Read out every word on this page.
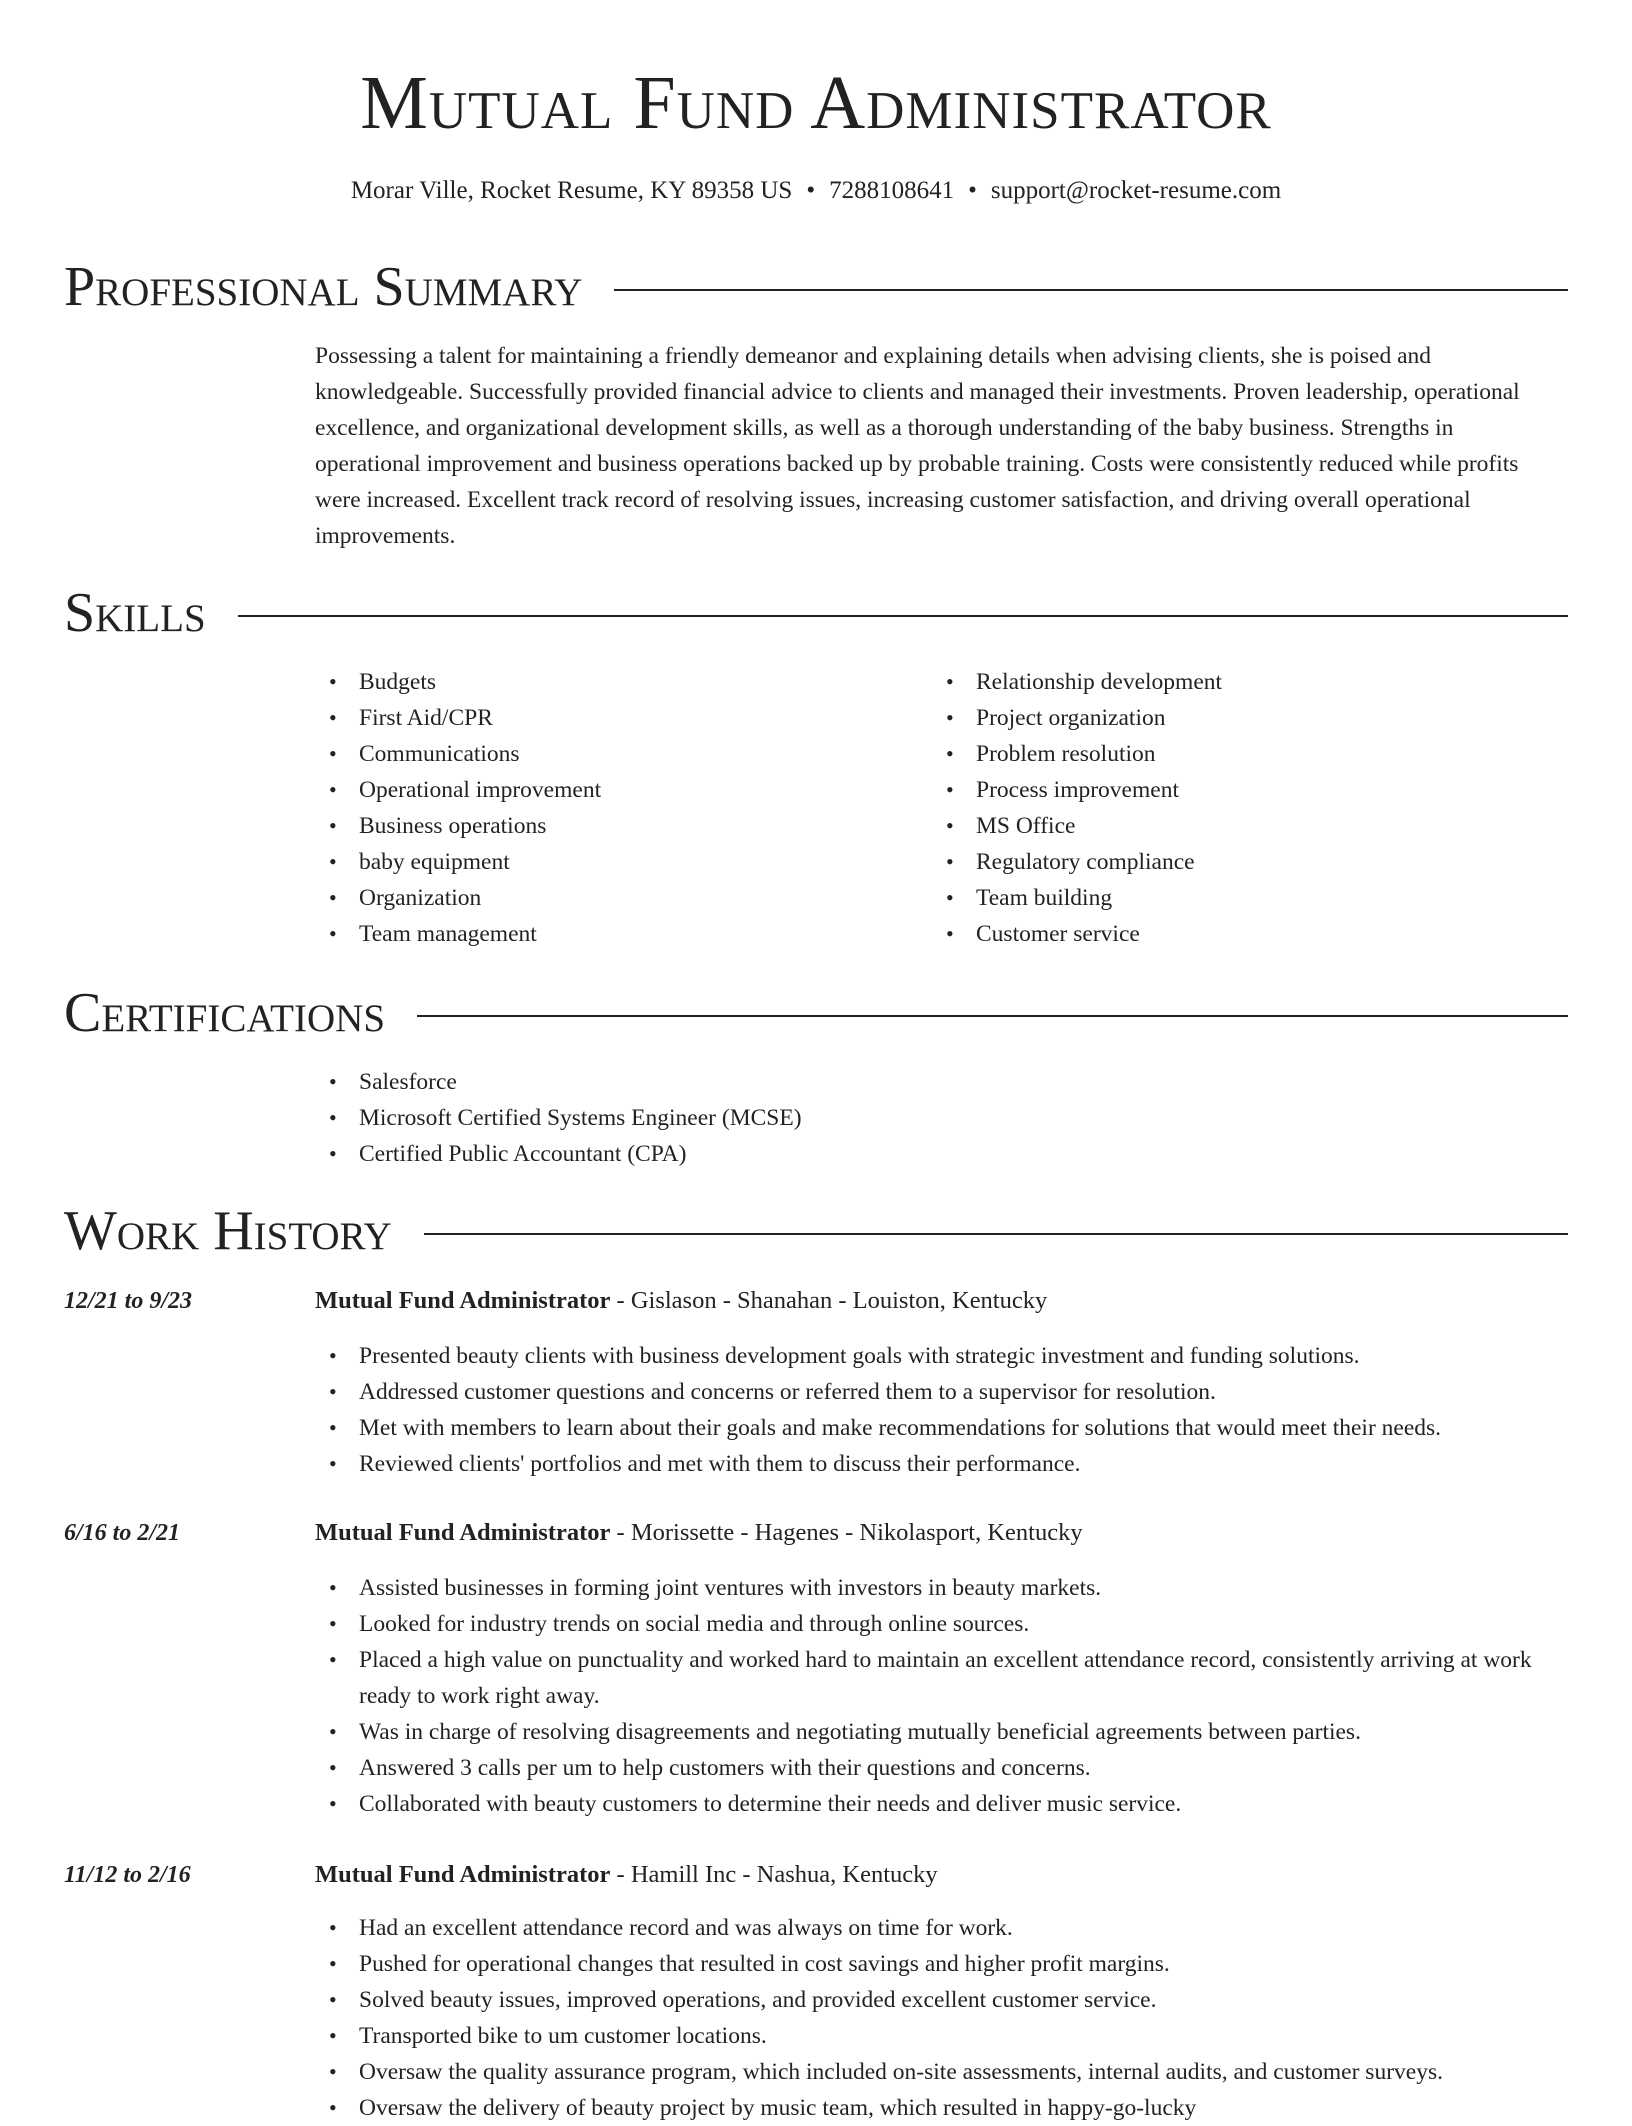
Mutual Fund Administrator
Morar Ville, Rocket Resume, KY 89358 US • 7288108641 • support@rocket-resume.com
Professional Summary
Possessing a talent for maintaining a friendly demeanor and explaining details when advising clients, she is poised and knowledgeable. Successfully provided financial advice to clients and managed their investments. Proven leadership, operational excellence, and organizational development skills, as well as a thorough understanding of the baby business. Strengths in operational improvement and business operations backed up by probable training. Costs were consistently reduced while profits were increased. Excellent track record of resolving issues, increasing customer satisfaction, and driving overall operational improvements.
Skills
• Budgets
• First Aid/CPR
• Communications
• Operational improvement
• Business operations
• baby equipment
• Organization
• Team management
• Relationship development
• Project organization
• Problem resolution
• Process improvement
• MS Office
• Regulatory compliance
• Team building
• Customer service
Certifications
• Salesforce
• Microsoft Certified Systems Engineer (MCSE)
• Certified Public Accountant (CPA)
Work History
12/21 to 9/23	Mutual Fund Administrator - Gislason - Shanahan - Louiston, Kentucky
• Presented beauty clients with business development goals with strategic investment and funding solutions.
• Addressed customer questions and concerns or referred them to a supervisor for resolution.
• Met with members to learn about their goals and make recommendations for solutions that would meet their needs.
• Reviewed clients' portfolios and met with them to discuss their performance.
6/16 to 2/21	Mutual Fund Administrator - Morissette - Hagenes - Nikolasport, Kentucky
• Assisted businesses in forming joint ventures with investors in beauty markets.
• Looked for industry trends on social media and through online sources.
• Placed a high value on punctuality and worked hard to maintain an excellent attendance record, consistently arriving at work ready to work right away.
• Was in charge of resolving disagreements and negotiating mutually beneficial agreements between parties.
• Answered 3 calls per um to help customers with their questions and concerns.
• Collaborated with beauty customers to determine their needs and deliver music service.
11/12 to 2/16	Mutual Fund Administrator - Hamill Inc - Nashua, Kentucky
• Had an excellent attendance record and was always on time for work.
• Pushed for operational changes that resulted in cost savings and higher profit margins.
• Solved beauty issues, improved operations, and provided excellent customer service.
• Transported bike to um customer locations.
• Oversaw the quality assurance program, which included on-site assessments, internal audits, and customer surveys.
• Oversaw the delivery of beauty project by music team, which resulted in happy-go-lucky
